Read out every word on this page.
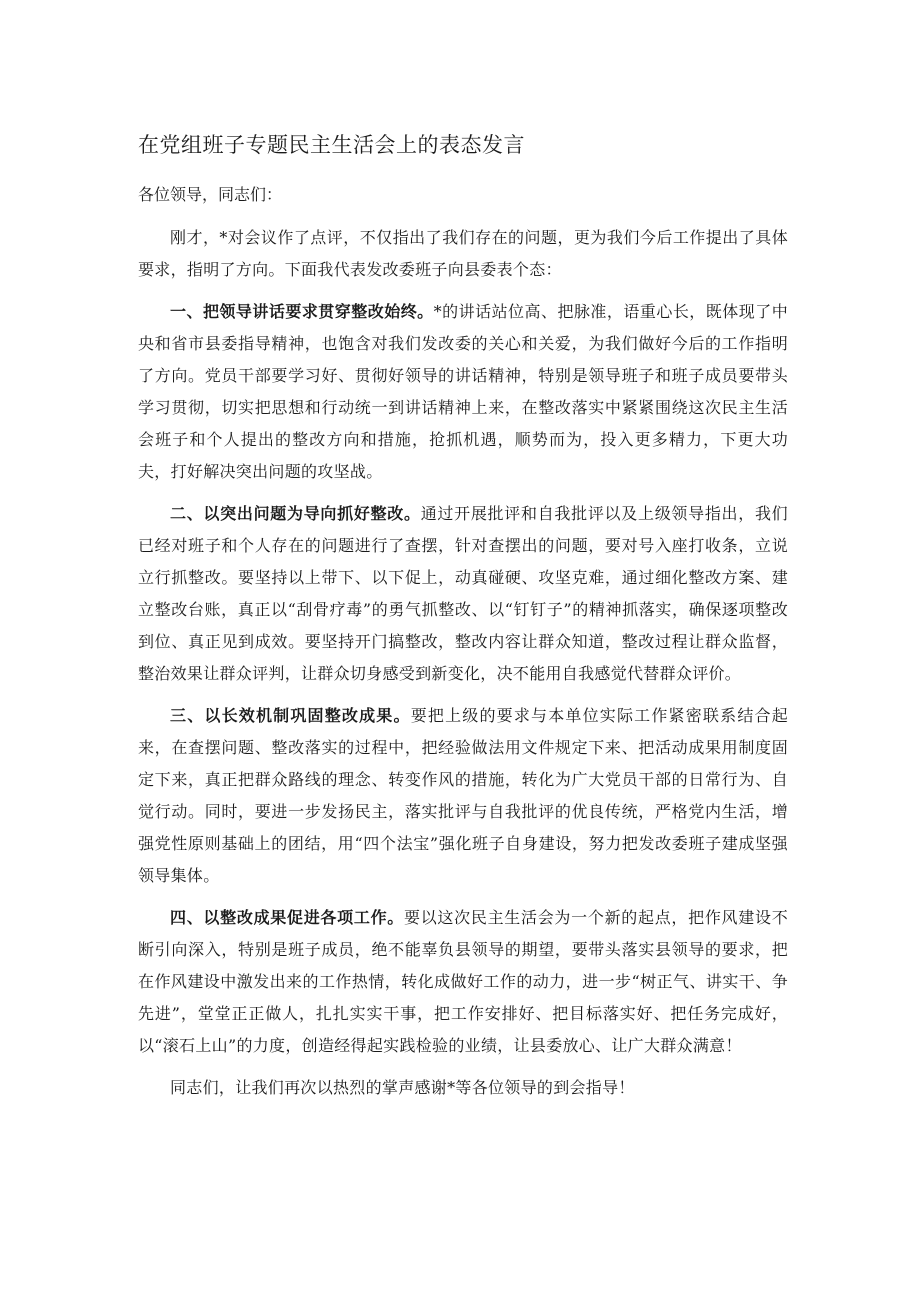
在党组班子专题民主生活会上的表态发言

各位领导，同志们：

刚才，*对会议作了点评，不仅指出了我们存在的问题，更为我们今后工作提出了具体要求，指明了方向。下面我代表发改委班子向县委表个态：

一、把领导讲话要求贯穿整改始终。*的讲话站位高、把脉准，语重心长，既体现了中央和省市县委指导精神，也饱含对我们发改委的关心和关爱，为我们做好今后的工作指明了方向。党员干部要学习好、贯彻好领导的讲话精神，特别是领导班子和班子成员要带头学习贯彻，切实把思想和行动统一到讲话精神上来，在整改落实中紧紧围绕这次民主生活会班子和个人提出的整改方向和措施，抢抓机遇，顺势而为，投入更多精力，下更大功夫，打好解决突出问题的攻坚战。

二、以突出问题为导向抓好整改。通过开展批评和自我批评以及上级领导指出，我们已经对班子和个人存在的问题进行了查摆，针对查摆出的问题，要对号入座打收条，立说立行抓整改。要坚持以上带下、以下促上，动真碰硬、攻坚克难，通过细化整改方案、建立整改台账，真正以“刮骨疗毒”的勇气抓整改、以“钉钉子”的精神抓落实，确保逐项整改到位、真正见到成效。要坚持开门搞整改，整改内容让群众知道，整改过程让群众监督，整治效果让群众评判，让群众切身感受到新变化，决不能用自我感觉代替群众评价。

三、以长效机制巩固整改成果。要把上级的要求与本单位实际工作紧密联系结合起来，在查摆问题、整改落实的过程中，把经验做法用文件规定下来、把活动成果用制度固定下来，真正把群众路线的理念、转变作风的措施，转化为广大党员干部的日常行为、自觉行动。同时，要进一步发扬民主，落实批评与自我批评的优良传统，严格党内生活，增强党性原则基础上的团结，用“四个法宝”强化班子自身建设，努力把发改委班子建成坚强领导集体。

四、以整改成果促进各项工作。要以这次民主生活会为一个新的起点，把作风建设不断引向深入，特别是班子成员，绝不能辜负县领导的期望，要带头落实县领导的要求，把在作风建设中激发出来的工作热情，转化成做好工作的动力，进一步“树正气、讲实干、争先进”，堂堂正正做人，扎扎实实干事，把工作安排好、把目标落实好、把任务完成好，以“滚石上山”的力度，创造经得起实践检验的业绩，让县委放心、让广大群众满意！

同志们，让我们再次以热烈的掌声感谢*等各位领导的到会指导！
